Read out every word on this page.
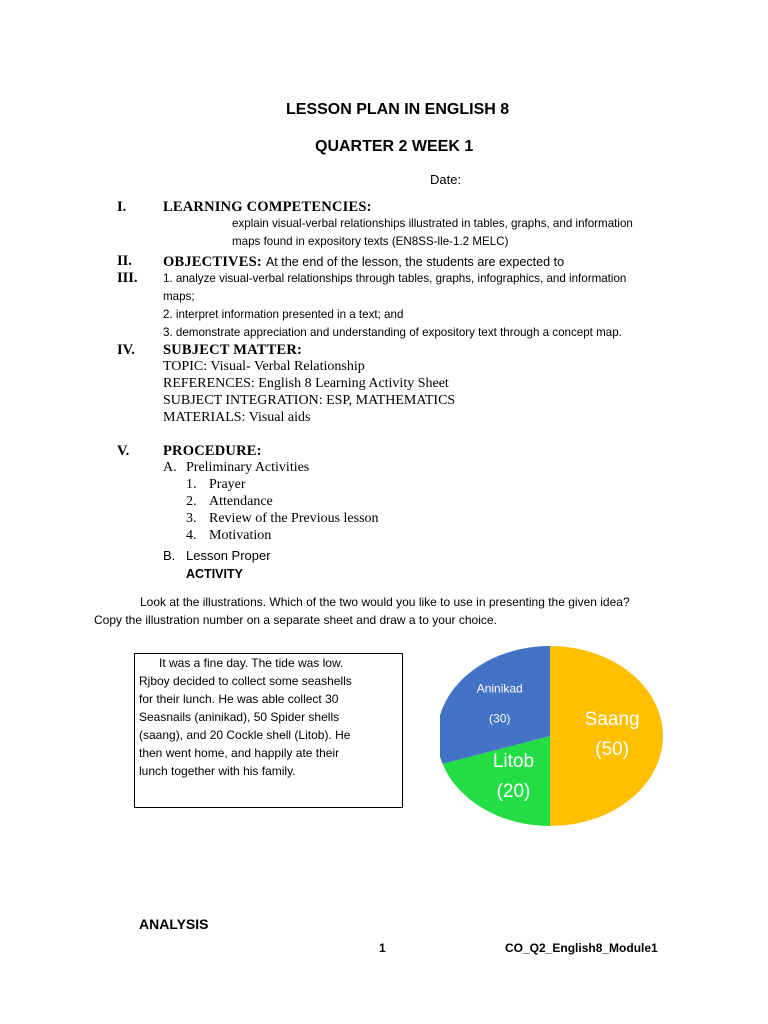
LESSON PLAN IN ENGLISH 8
QUARTER 2 WEEK 1
Date:
I.	LEARNING COMPETENCIES:
explain visual-verbal relationships illustrated in tables, graphs, and information
maps found in expository texts (EN8SS-lle-1.2 MELC)
II. OBJECTIVES: At the end of the lesson, the students are expected to
III. 1. analyze visual-verbal relationships through tables, graphs, infographics, and information
maps;
2. interpret information presented in a text; and
3. demonstrate appreciation and understanding of expository text through a concept map.
IV. SUBJECT MATTER:
TOPIC: Visual- Verbal Relationship
REFERENCES: English 8 Learning Activity Sheet
SUBJECT INTEGRATION: ESP, MATHEMATICS
MATERIALS: Visual aids
V. PROCEDURE:
A. Preliminary Activities
1. Prayer
2. Attendance
3. Review of the Previous lesson
4. Motivation
B. Lesson Proper
ACTIVITY
Look at the illustrations. Which of the two would you like to use in presenting the given idea?
Copy the illustration number on a separate sheet and draw a to your choice.
It was a fine day. The tide was low.
Rjboy decided to collect some seashells
for their lunch. He was able collect 30
Seasnails (aninikad), 50 Spider shells
(saang), and 20 Cockle shell (Litob). He
then went home, and happily ate their
lunch together with his family.
Saang
(50)
Litob
(20)
Aninikad
(30)
ANALYSIS
1	CO_Q2_English8_Module1
